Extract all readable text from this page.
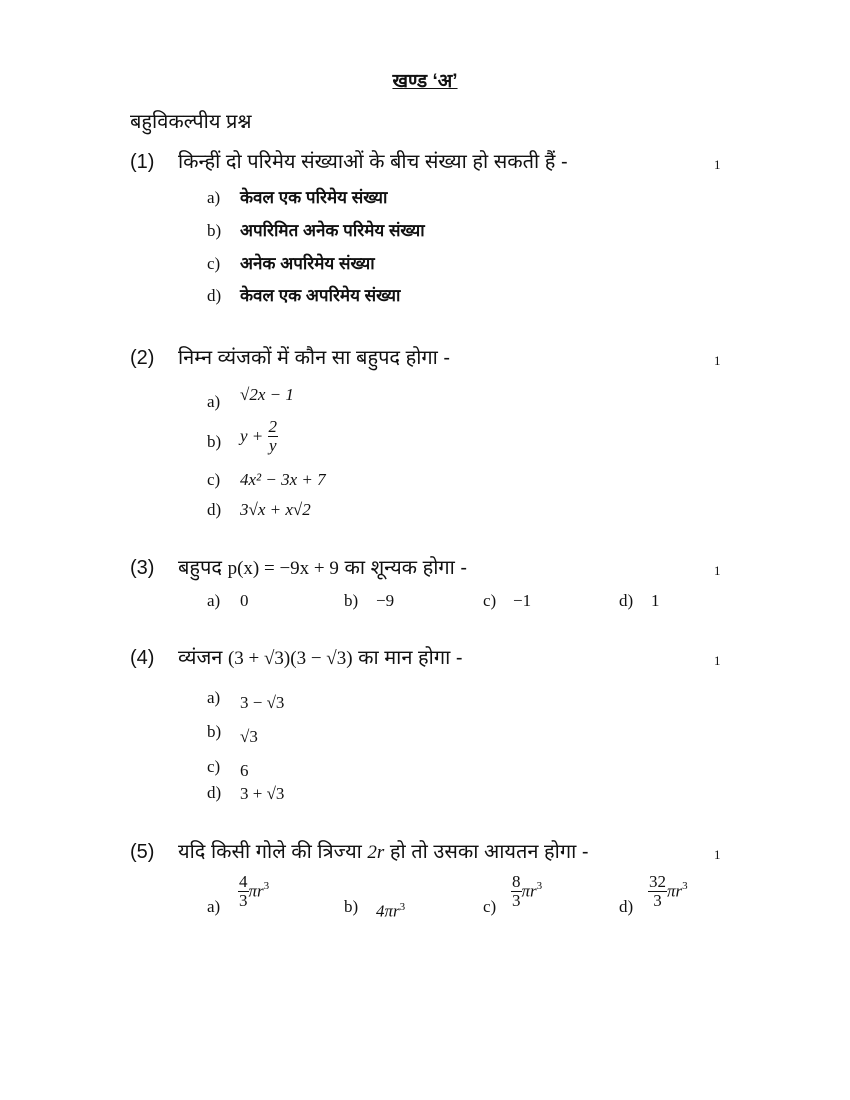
खण्ड ‘अ’
बहुविकल्पीय प्रश्न
(1) किन्हीं दो परिमेय संख्याओं के बीच संख्या हो सकती हैं -	1
a) केवल एक परिमेय संख्या
b) अपरिमित अनेक परिमेय संख्या
c) अनेक अपरिमेय संख्या
d) केवल एक अपरिमेय संख्या
(2) निम्न व्यंजकों में कौन सा बहुपद होगा -	1
a) √2x − 1
b) $y + \frac{2}{y}$
c) 4x² − 3x + 7
d) 3√x + x√2
(3) बहुपद p(x) = −9x + 9 का शून्यक होगा -	1
a) 0	b) −9	c) −1	d) 1
(4) व्यंजन (3 + √3)(3 − √3) का मान होगा -	1
a) 3 − √3
b) √3
c) 6
d) 3 + √3
(5) यदि किसी गोले की त्रिज्या 2r हो तो उसका आयतन होगा -	1
$a) \frac{4}{3} \pi r^3$
b) $4\pi r^3$	$c) \frac{8}{3} \pi r^3$
$d) \frac{32}{3} \pi r^3$
